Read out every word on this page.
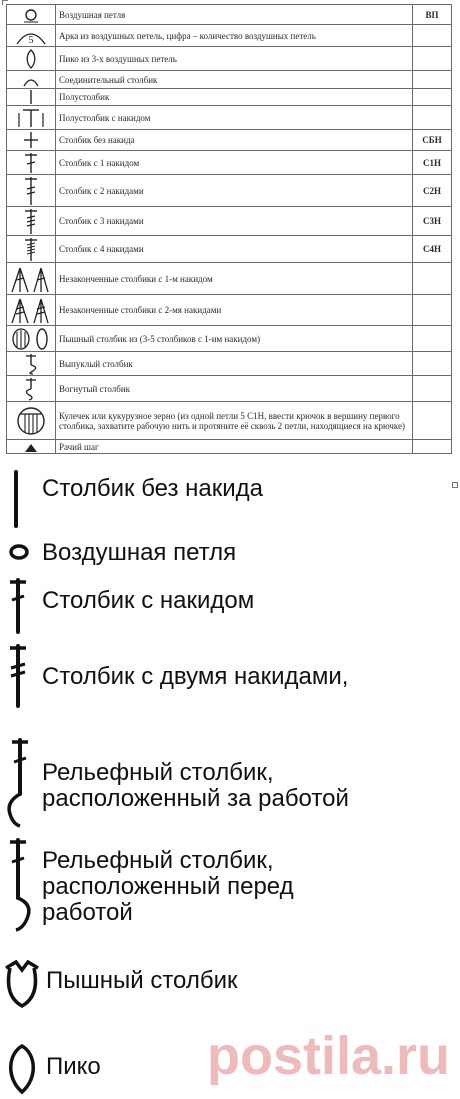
	Воздушная петля	ВП

5	Арка из воздушных петель, цифра – количество воздушных петель	

	Пико из 3-х воздушных петель	

	Соединительный столбик	

	Полустолбик	

	Полустолбик с накидом	

	Столбик без накида	СБН

	Столбик с 1 накидом	С1Н

	Столбик с 2 накидами	С2Н

	Столбик с 3 накидами	С3Н

	Столбик с 4 накидами	С4Н

	Незаконченные столбики с 1-м накидом	

	Незаконченные столбики с 2-мя накидами	

	Пышный столбик из (3-5 столбиков с 1-им накидом)	

	Выпуклый столбик	

	Вогнутый столбик	

	Кулечек или кукурузное зерно (из одной петли 5 С1Н, ввести крючок в вершину первого столбика, захватите рабочую нить и протяните её сквозь 2 петли, находящиеся на крючке)	

	Рачий шаг	
Столбик без накида
Воздушная петля
Столбик с накидом
Столбик с двумя накидами,
Рельефный столбик,
расположенный за работой
Рельефный столбик,
расположенный перед
работой
Пышный столбик
Пико postila.ru
